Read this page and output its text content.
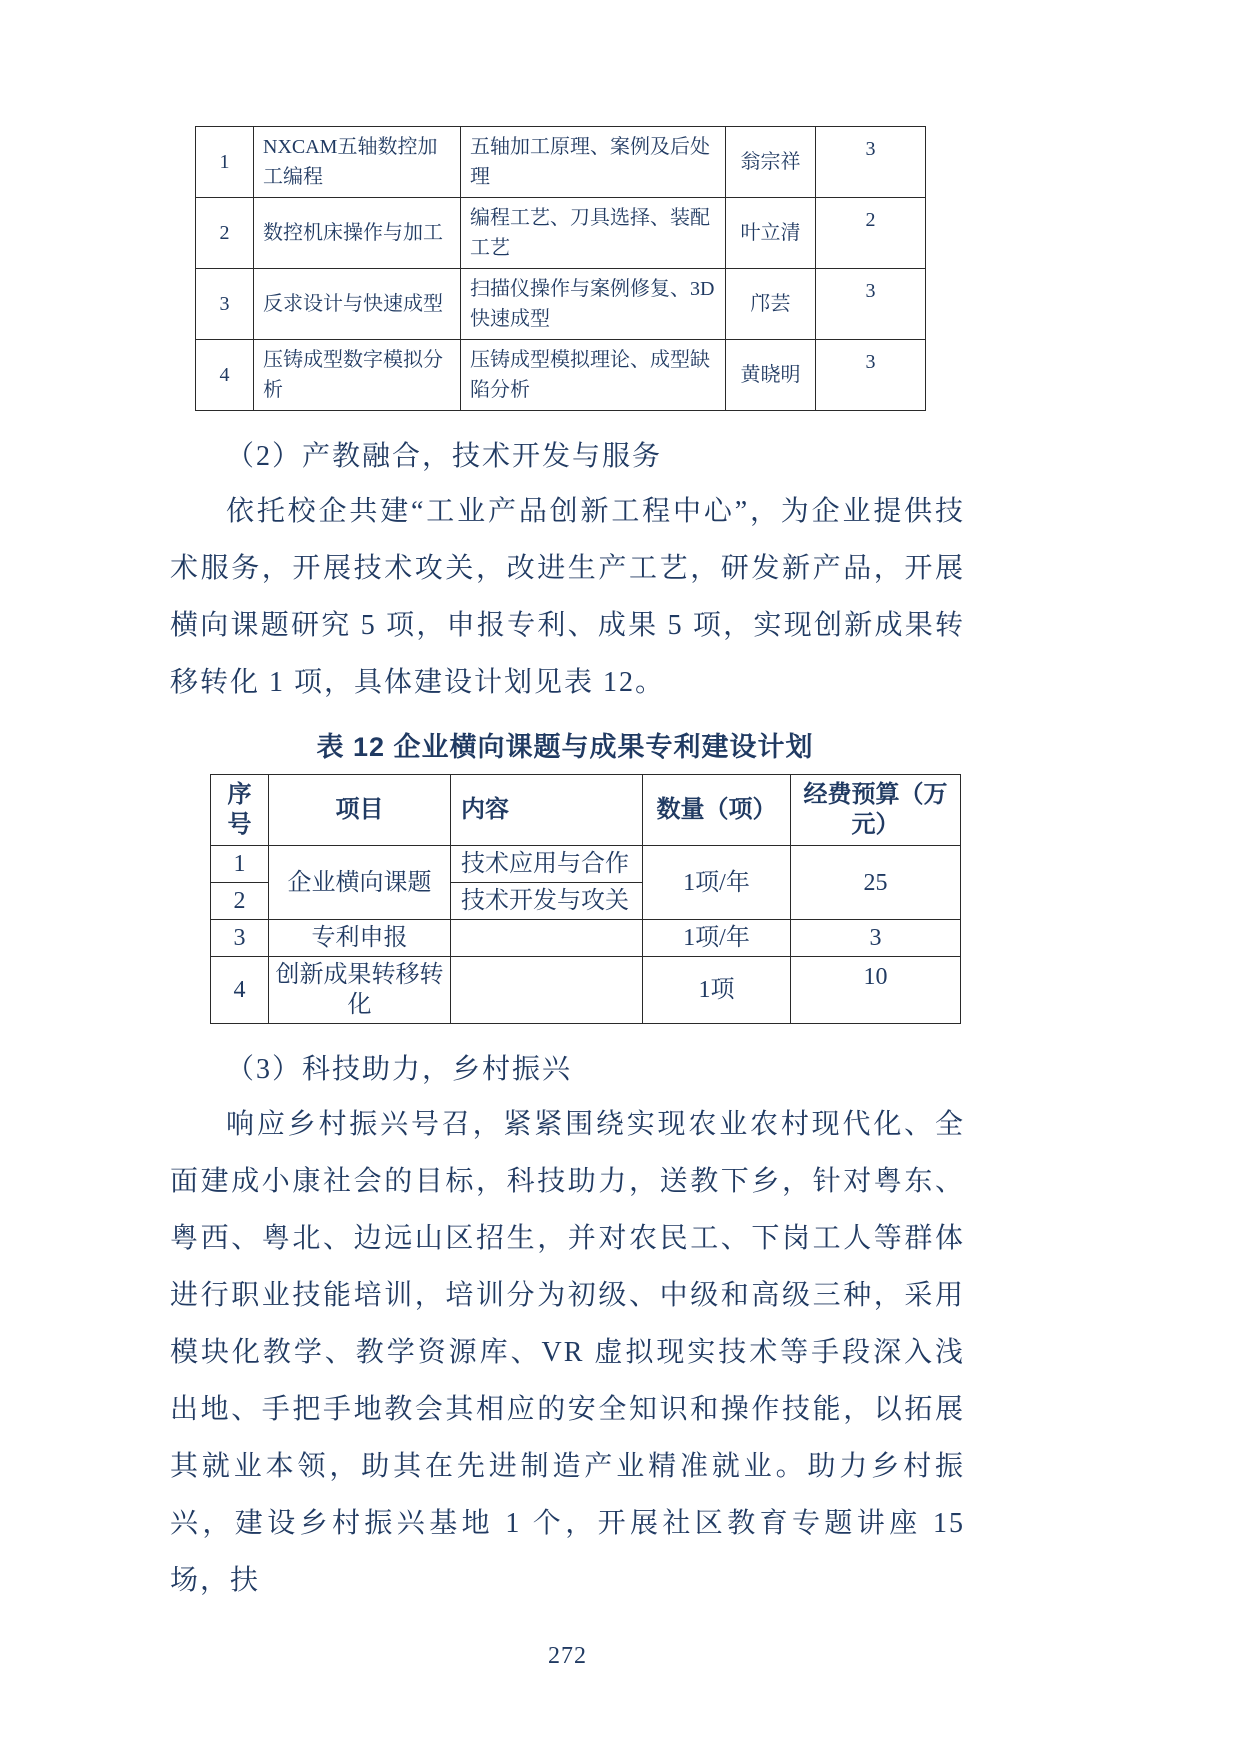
1	NXCAM五轴数控加工编程	五轴加工原理、案例及后处理	翁宗祥	3
2	数控机床操作与加工	编程工艺、刀具选择、装配工艺	叶立清	2
3	反求设计与快速成型	扫描仪操作与案例修复、3D快速成型	邝芸	3
4	压铸成型数字模拟分析	压铸成型模拟理论、成型缺陷分析	黄晓明	3

（2）产教融合，技术开发与服务

依托校企共建“工业产品创新工程中心”，为企业提供技术服务，开展技术攻关，改进生产工艺，研发新产品，开展横向课题研究 5 项，申报专利、成果 5 项，实现创新成果转移转化 1 项，具体建设计划见表 12。

表 12 企业横向课题与成果专利建设计划

序号	项目	内容	数量（项）	经费预算（万元）
1	企业横向课题	技术应用与合作	1项/年	25
2		技术开发与攻关		
3	专利申报		1项/年	3
4	创新成果转移转化		1项	10

（3）科技助力，乡村振兴

响应乡村振兴号召，紧紧围绕实现农业农村现代化、全面建成小康社会的目标，科技助力，送教下乡，针对粤东、粤西、粤北、边远山区招生，并对农民工、下岗工人等群体进行职业技能培训，培训分为初级、中级和高级三种，采用模块化教学、教学资源库、VR 虚拟现实技术等手段深入浅出地、手把手地教会其相应的安全知识和操作技能，以拓展其就业本领，助其在先进制造产业精准就业。助力乡村振兴，建设乡村振兴基地 1 个，开展社区教育专题讲座 15 场，扶

272
